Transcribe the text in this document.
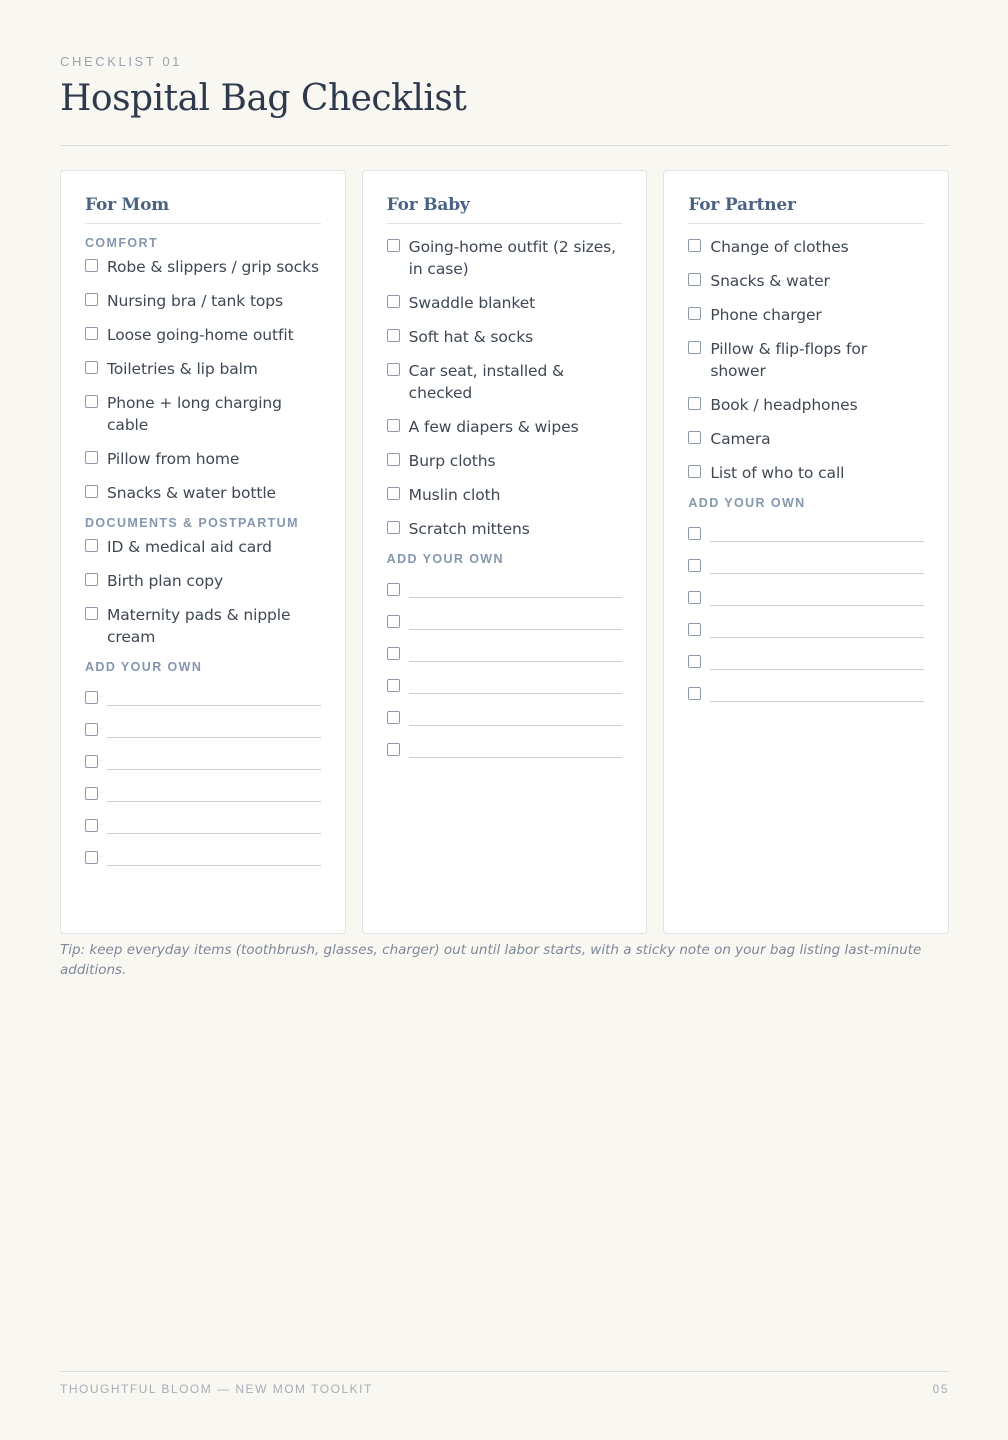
CHECKLIST 01
Hospital Bag Checklist
For Mom
COMFORT
Robe & slippers / grip socks
Nursing bra / tank tops
Loose going-home outfit
Toiletries & lip balm
Phone + long charging cable
Pillow from home
Snacks & water bottle
DOCUMENTS & POSTPARTUM
ID & medical aid card
Birth plan copy
Maternity pads & nipple cream
ADD YOUR OWN
For Baby
Going-home outfit (2 sizes, in case)
Swaddle blanket
Soft hat & socks
Car seat, installed & checked
A few diapers & wipes
Burp cloths
Muslin cloth
Scratch mittens
ADD YOUR OWN
For Partner
Change of clothes
Snacks & water
Phone charger
Pillow & flip-flops for shower
Book / headphones
Camera
List of who to call
ADD YOUR OWN

Tip: keep everyday items (toothbrush, glasses, charger) out until labor starts, with a sticky note on your bag listing last-minute additions.

THOUGHTFUL BLOOM — NEW MOM TOOLKIT	05
